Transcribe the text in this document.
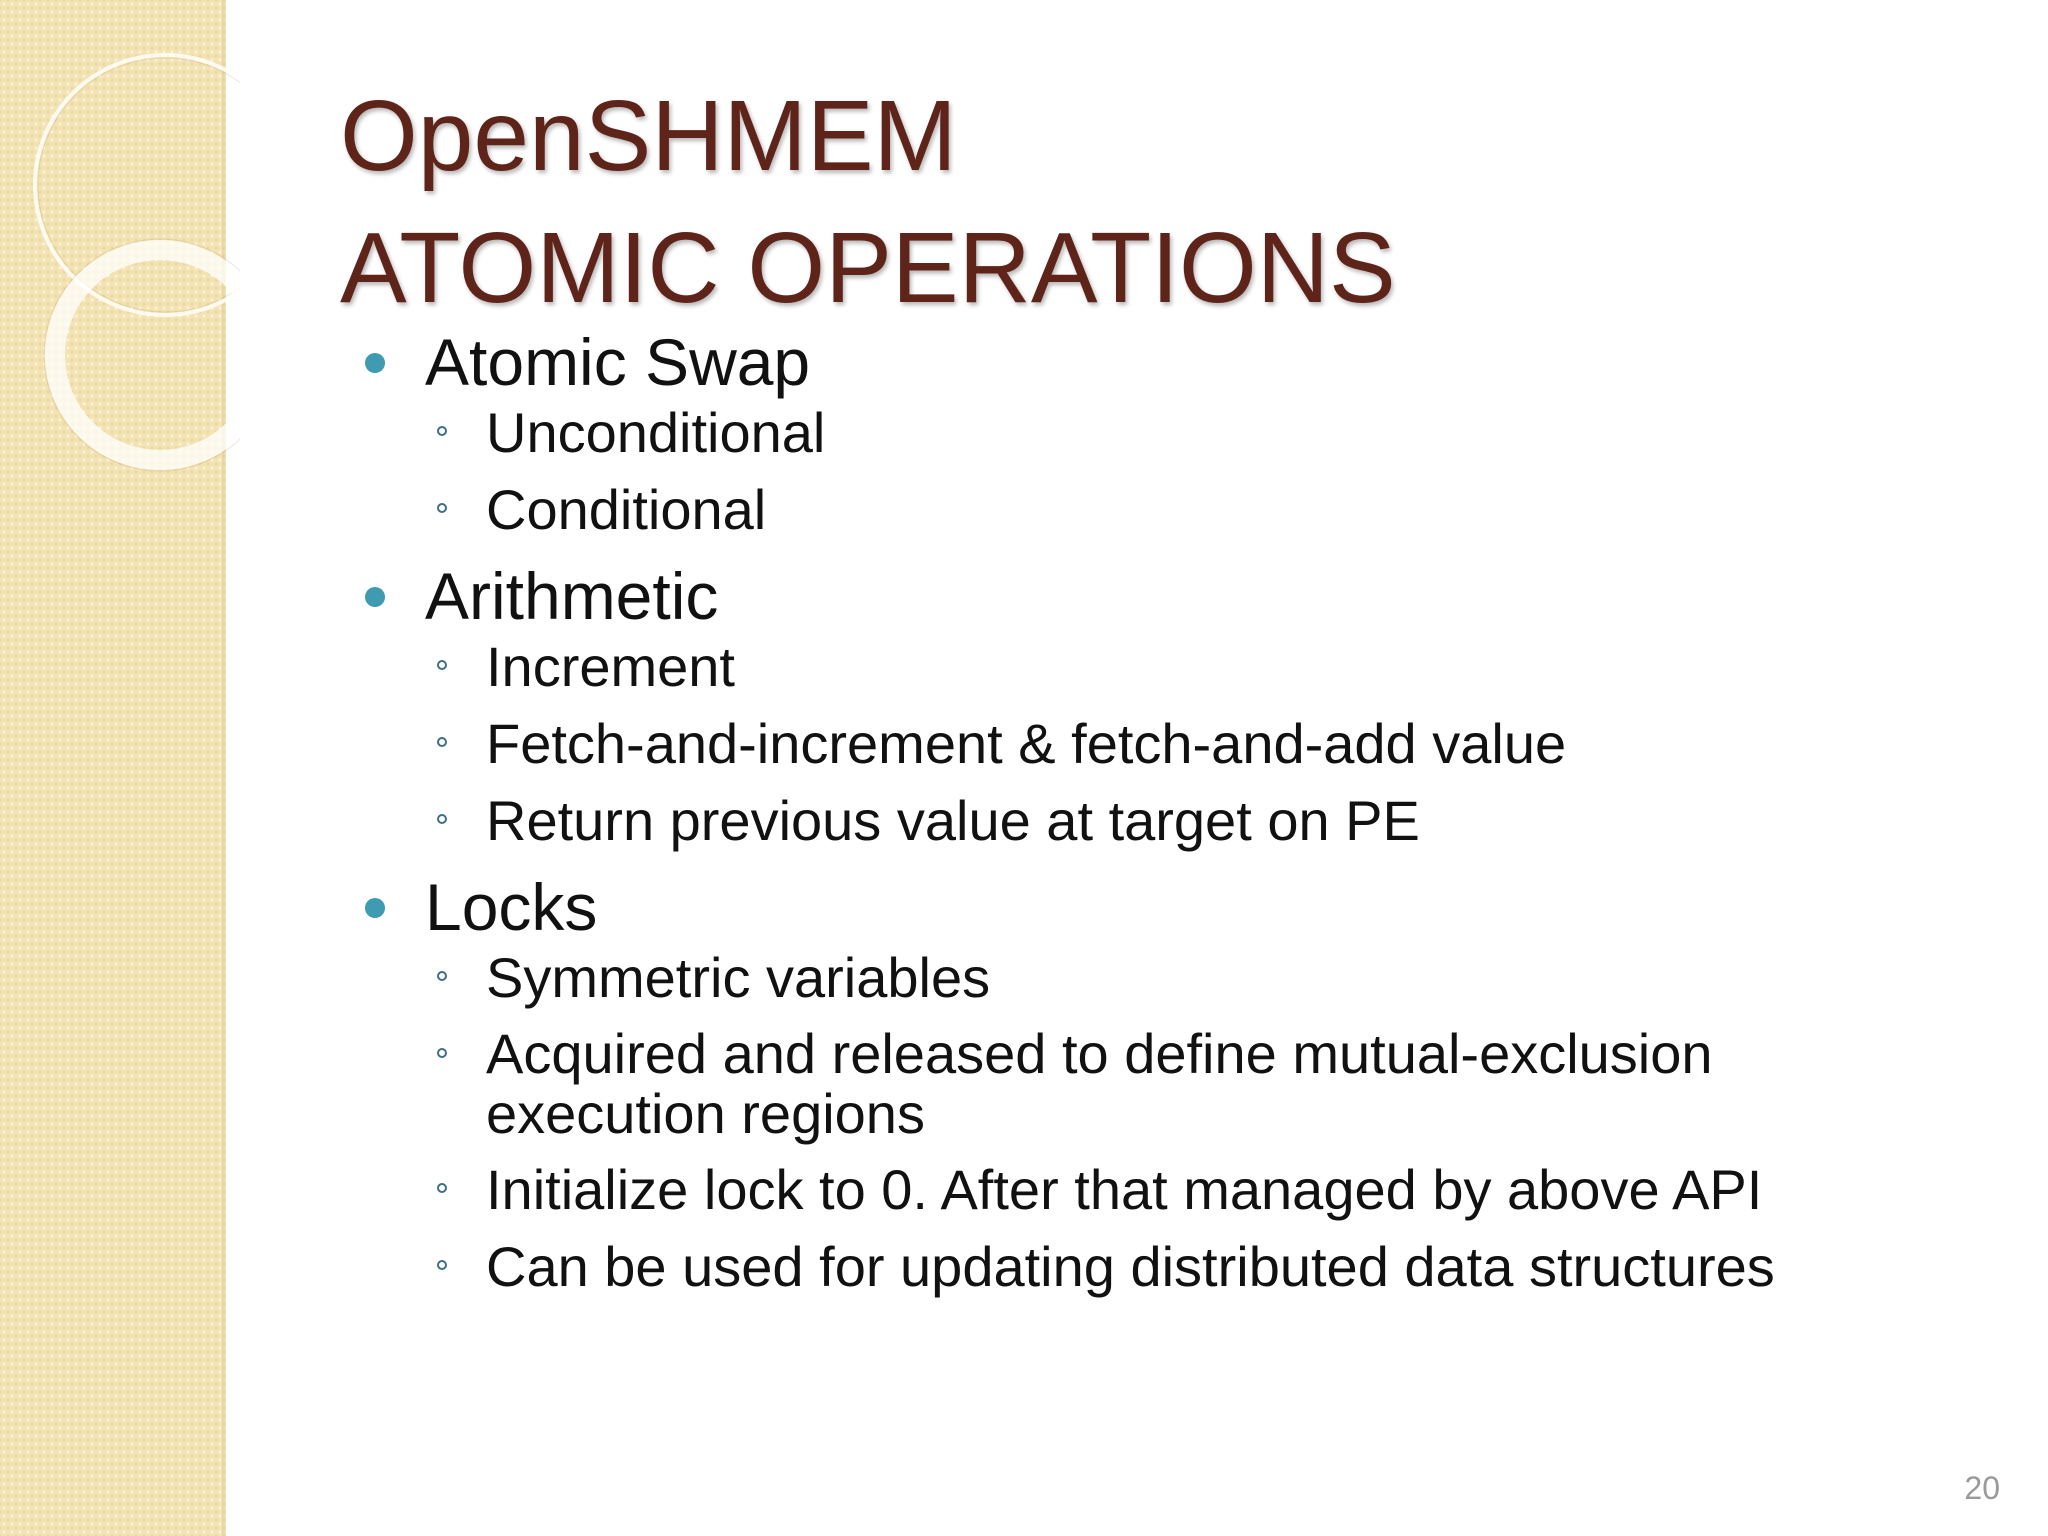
OpenSHMEM
ATOMIC OPERATIONS
Atomic Swap
Unconditional
Conditional
Arithmetic
Increment
Fetch-and-increment & fetch-and-add value
Return previous value at target on PE
Locks
Symmetric variables
Acquired and released to define mutual-exclusion execution regions
Initialize lock to 0. After that managed by above API
Can be used for updating distributed data structures
20
